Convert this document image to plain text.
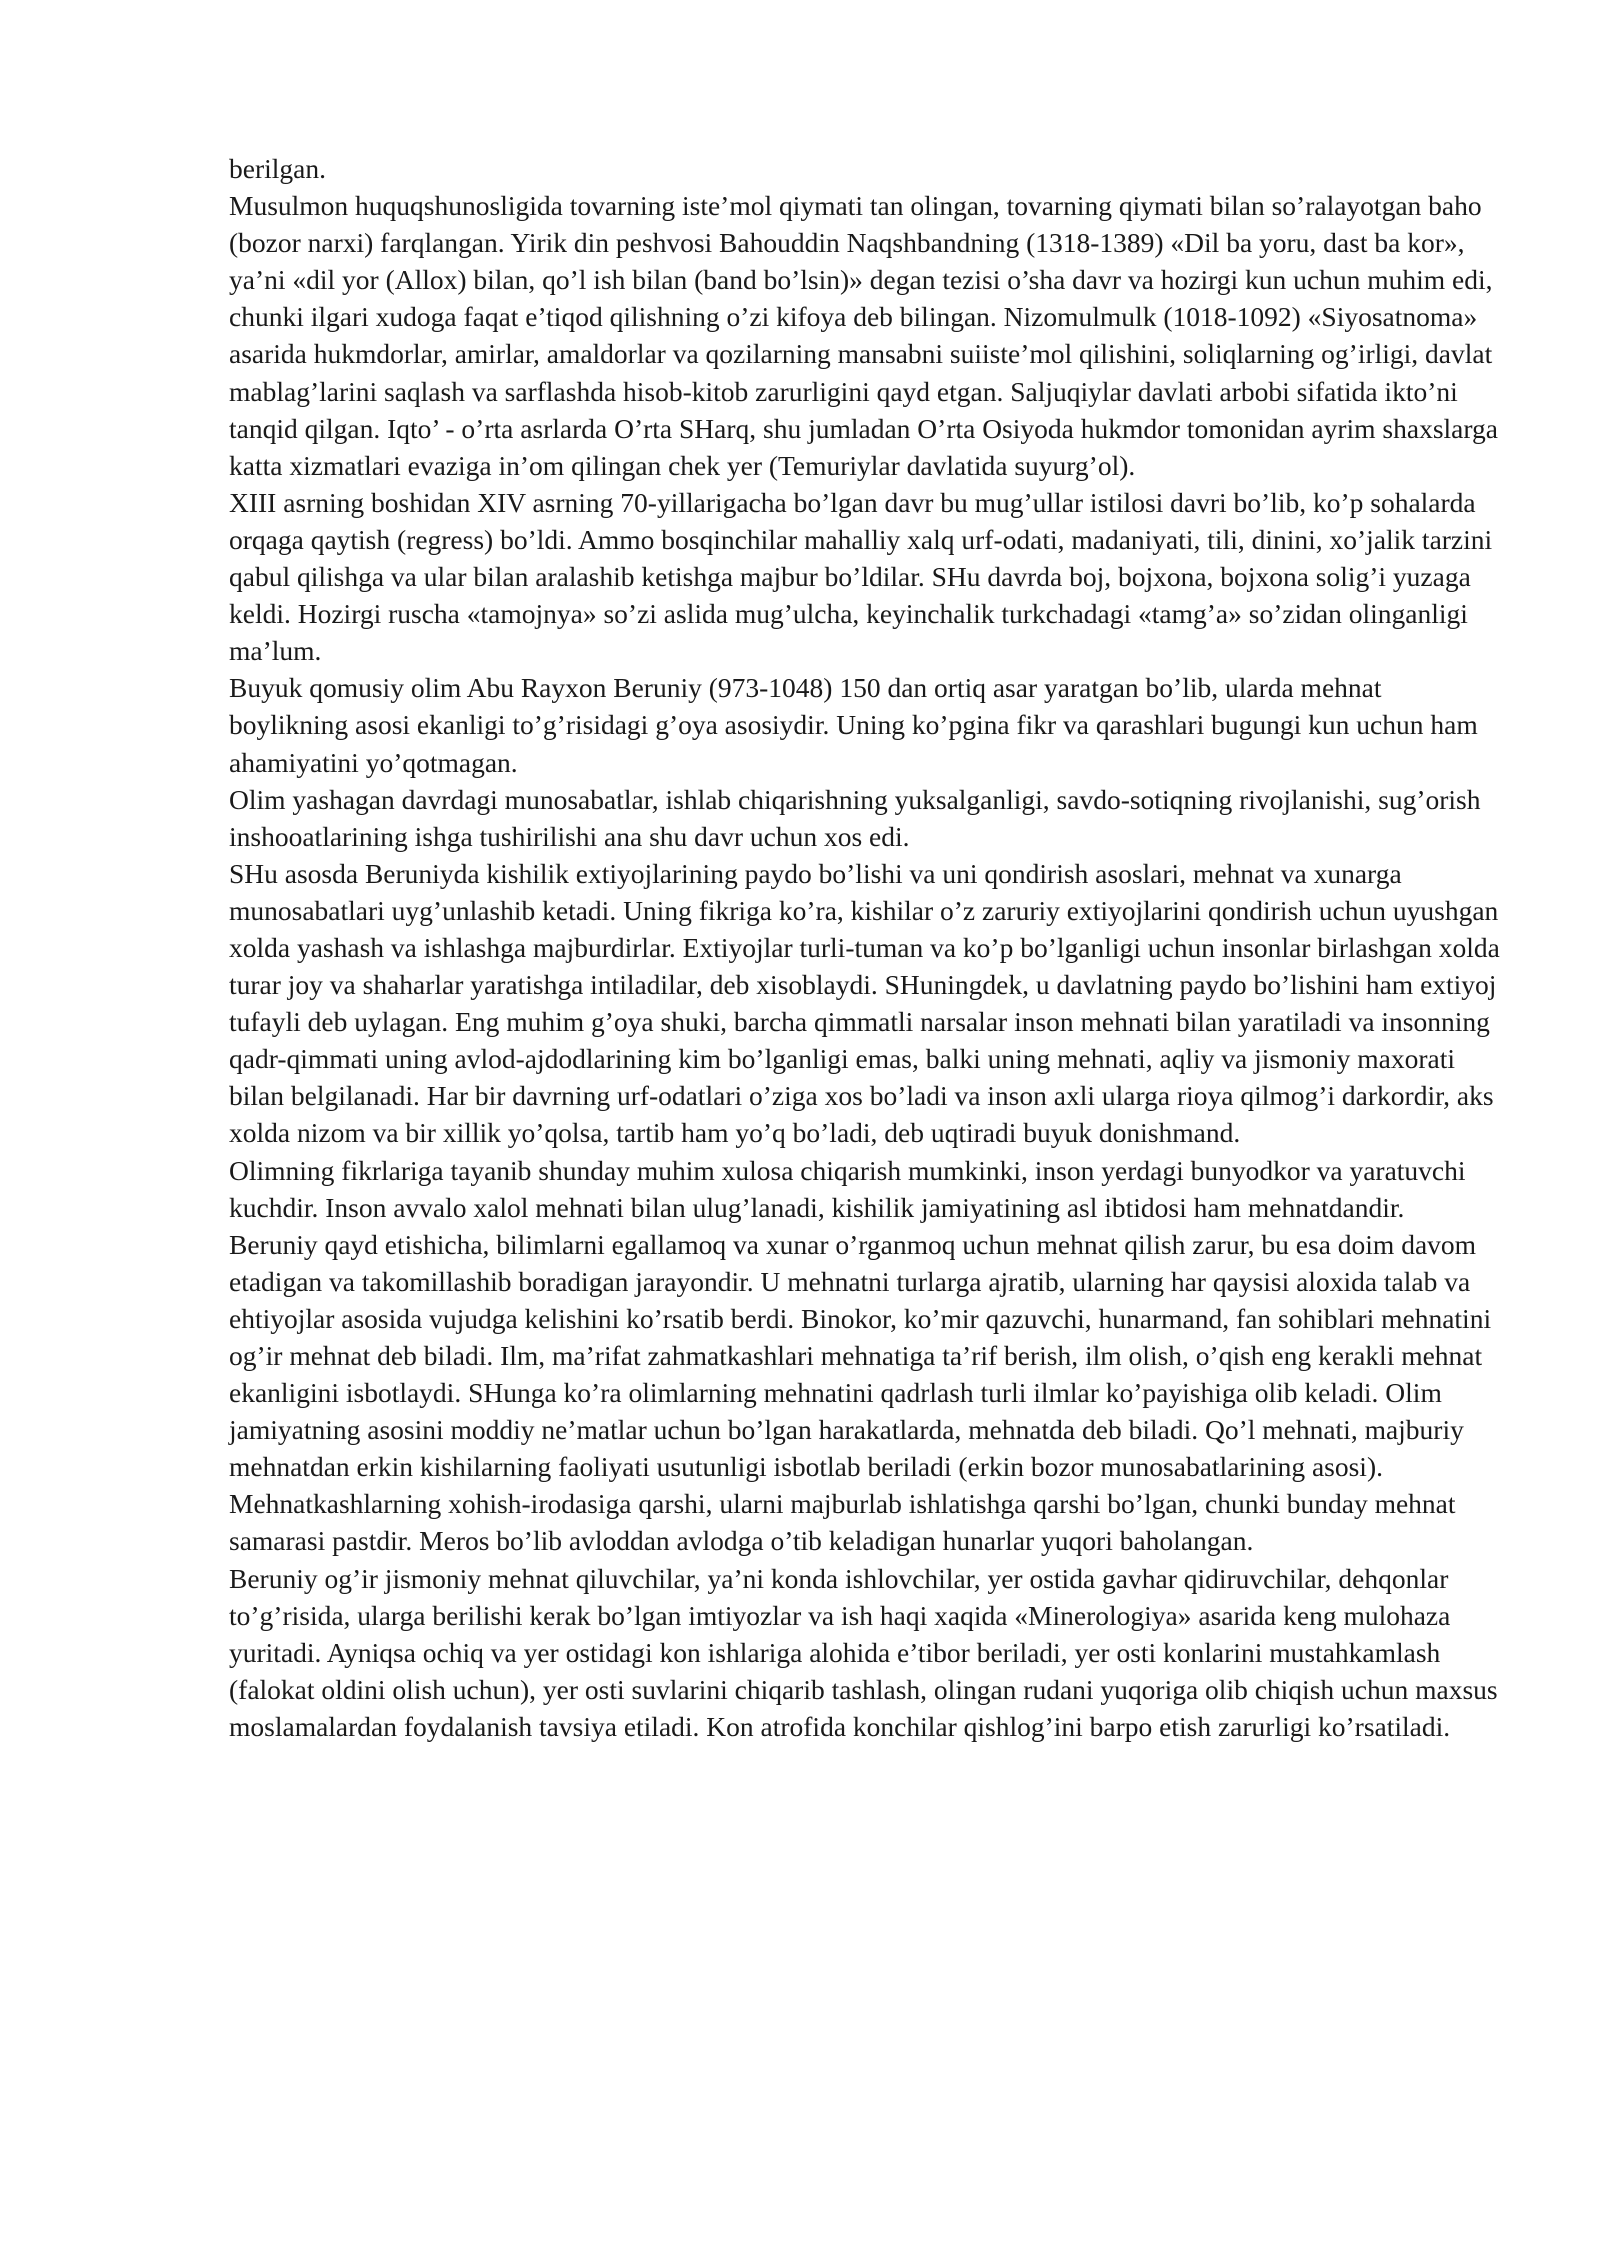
berilgan.

Musulmon huquqshunosligida tovarning iste’mol qiymati tan olingan, tovarning qiymati bilan so’ralayotgan baho (bozor narxi) farqlangan. Yirik din peshvosi Bahouddin Naqshbandning (1318-1389) «Dil ba yoru, dast ba kor», ya’ni «dil yor (Allox) bilan, qo’l ish bilan (band bo’lsin)» degan tezisi o’sha davr va hozirgi kun uchun muhim edi, chunki ilgari xudoga faqat e’tiqod qilishning o’zi kifoya deb bilingan. Nizomulmulk (1018-1092) «Siyosatnoma» asarida hukmdorlar, amirlar, amaldorlar va qozilarning mansabni suiiste’mol qilishini, soliqlarning og’irligi, davlat mablag’larini saqlash va sarflashda hisob-kitob zarurligini qayd etgan. Saljuqiylar davlati arbobi sifatida ikto’ni tanqid qilgan. Iqto’ - o’rta asrlarda O’rta SHarq, shu jumladan O’rta Osiyoda hukmdor tomonidan ayrim shaxslarga katta xizmatlari evaziga in’om qilingan chek yer (Temuriylar davlatida suyurg’ol).

XIII asrning boshidan XIV asrning 70-yillarigacha bo’lgan davr bu mug’ullar istilosi davri bo’lib, ko’p sohalarda orqaga qaytish (regress) bo’ldi. Ammo bosqinchilar mahalliy xalq urf-odati, madaniyati, tili, dinini, xo’jalik tarzini qabul qilishga va ular bilan aralashib ketishga majbur bo’ldilar. SHu davrda boj, bojxona, bojxona solig’i yuzaga keldi. Hozirgi ruscha «tamojnya» so’zi aslida mug’ulcha, keyinchalik turkchadagi «tamg’a» so’zidan olinganligi ma’lum.

Buyuk qomusiy olim Abu Rayxon Beruniy (973-1048) 150 dan ortiq asar yaratgan bo’lib, ularda mehnat boylikning asosi ekanligi to’g’risidagi g’oya asosiydir. Uning ko’pgina fikr va qarashlari bugungi kun uchun ham ahamiyatini yo’qotmagan.

Olim yashagan davrdagi munosabatlar, ishlab chiqarishning yuksalganligi, savdo-sotiqning rivojlanishi, sug’orish inshooatlarining ishga tushirilishi ana shu davr uchun xos edi.

SHu asosda Beruniyda kishilik extiyojlarining paydo bo’lishi va uni qondirish asoslari, mehnat va xunarga munosabatlari uyg’unlashib ketadi. Uning fikriga ko’ra, kishilar o’z zaruriy extiyojlarini qondirish uchun uyushgan xolda yashash va ishlashga majburdirlar. Extiyojlar turli-tuman va ko’p bo’lganligi uchun insonlar birlashgan xolda turar joy va shaharlar yaratishga intiladilar, deb xisoblaydi. SHuningdek, u davlatning paydo bo’lishini ham extiyoj tufayli deb uylagan. Eng muhim g’oya shuki, barcha qimmatli narsalar inson mehnati bilan yaratiladi va insonning qadr-qimmati uning avlod-ajdodlarining kim bo’lganligi emas, balki uning mehnati, aqliy va jismoniy maxorati bilan belgilanadi. Har bir davrning urf-odatlari o’ziga xos bo’ladi va inson axli ularga rioya qilmog’i darkordir, aks xolda nizom va bir xillik yo’qolsa, tartib ham yo’q bo’ladi, deb uqtiradi buyuk donishmand.

Olimning fikrlariga tayanib shunday muhim xulosa chiqarish mumkinki, inson yerdagi bunyodkor va yaratuvchi kuchdir. Inson avvalo xalol mehnati bilan ulug’lanadi, kishilik jamiyatining asl ibtidosi ham mehnatdandir.

Beruniy qayd etishicha, bilimlarni egallamoq va xunar o’rganmoq uchun mehnat qilish zarur, bu esa doim davom etadigan va takomillashib boradigan jarayondir. U mehnatni turlarga ajratib, ularning har qaysisi aloxida talab va ehtiyojlar asosida vujudga kelishini ko’rsatib berdi. Binokor, ko’mir qazuvchi, hunarmand, fan sohiblari mehnatini og’ir mehnat deb biladi. Ilm, ma’rifat zahmatkashlari mehnatiga ta’rif berish, ilm olish, o’qish eng kerakli mehnat ekanligini isbotlaydi. SHunga ko’ra olimlarning mehnatini qadrlash turli ilmlar ko’payishiga olib keladi. Olim jamiyatning asosini moddiy ne’matlar uchun bo’lgan harakatlarda, mehnatda deb biladi. Qo’l mehnati, majburiy mehnatdan erkin kishilarning faoliyati usutunligi isbotlab beriladi (erkin bozor munosabatlarining asosi). Mehnatkashlarning xohish-irodasiga qarshi, ularni majburlab ishlatishga qarshi bo’lgan, chunki bunday mehnat samarasi pastdir. Meros bo’lib avloddan avlodga o’tib keladigan hunarlar yuqori baholangan.

Beruniy og’ir jismoniy mehnat qiluvchilar, ya’ni konda ishlovchilar, yer ostida gavhar qidiruvchilar, dehqonlar to’g’risida, ularga berilishi kerak bo’lgan imtiyozlar va ish haqi xaqida «Minerologiya» asarida keng mulohaza yuritadi. Ayniqsa ochiq va yer ostidagi kon ishlariga alohida e’tibor beriladi, yer osti konlarini mustahkamlash (falokat oldini olish uchun), yer osti suvlarini chiqarib tashlash, olingan rudani yuqoriga olib chiqish uchun maxsus moslamalardan foydalanish tavsiya etiladi. Kon atrofida konchilar qishlog’ini barpo etish zarurligi ko’rsatiladi.
